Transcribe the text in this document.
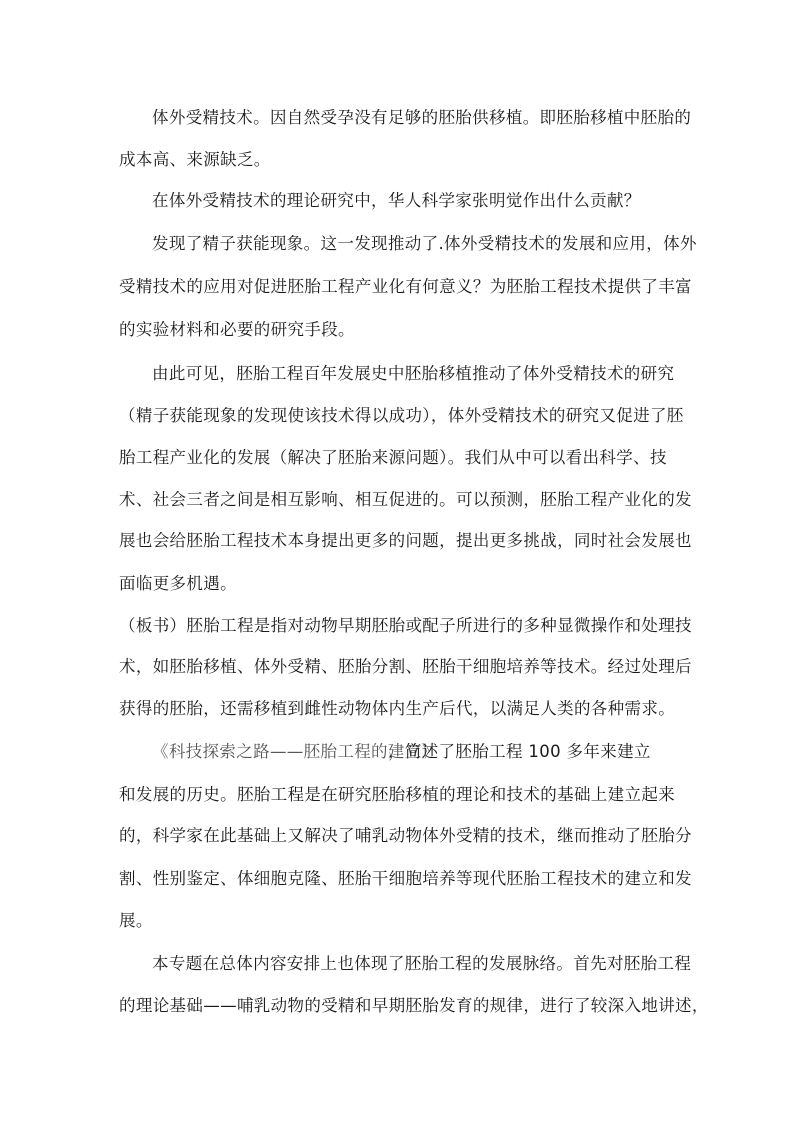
体外受精技术。因自然受孕没有足够的胚胎供移植。即胚胎移植中胚胎的
成本高、来源缺乏。
在体外受精技术的理论研究中，华人科学家张明觉作出什么贡献？
发现了精子获能现象。这一发现推动了.体外受精技术的发展和应用，体外
受精技术的应用对促进胚胎工程产业化有何意义？为胚胎工程技术提供了丰富
的实验材料和必要的研究手段。
由此可见，胚胎工程百年发展史中胚胎移植推动了体外受精技术的研究
（精子获能现象的发现使该技术得以成功），体外受精技术的研究又促进了胚
胎工程产业化的发展（解决了胚胎来源问题）。我们从中可以看出科学、技
术、社会三者之间是相互影响、相互促进的。可以预测，胚胎工程产业化的发
展也会给胚胎工程技术本身提出更多的问题，提出更多挑战，同时社会发展也
面临更多机遇。
（板书）胚胎工程是指对动物早期胚胎或配子所进行的多种显微操作和处理技
术，如胚胎移植、体外受精、胚胎分割、胚胎干细胞培养等技术。经过处理后
获得的胚胎，还需移植到雌性动物体内生产后代，以满足人类的各种需求。
《科技探索之路——胚胎工程的建立》
，简述了胚胎工程 100 多年来建立
和发展的历史。胚胎工程是在研究胚胎移植的理论和技术的基础上建立起来
的，科学家在此基础上又解决了哺乳动物体外受精的技术，继而推动了胚胎分
割、性别鉴定、体细胞克隆、胚胎干细胞培养等现代胚胎工程技术的建立和发
展。
本专题在总体内容安排上也体现了胚胎工程的发展脉络。首先对胚胎工程
的理论基础——哺乳动物的受精和早期胚胎发育的规律，进行了较深入地讲述，
